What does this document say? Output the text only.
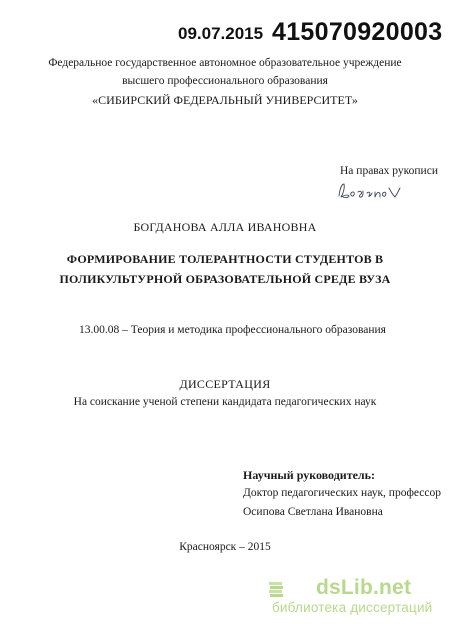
09.07.2015 415070920003
Федеральное государственное автономное образовательное учреждение
высшего профессионального образования
«СИБИРСКИЙ ФЕДЕРАЛЬНЫЙ УНИВЕРСИТЕТ»
На правах рукописи
БОГДАНОВА АЛЛА ИВАНОВНА
ФОРМИРОВАНИЕ ТОЛЕРАНТНОСТИ СТУДЕНТОВ В
ПОЛИКУЛЬТУРНОЙ ОБРАЗОВАТЕЛЬНОЙ СРЕДЕ ВУЗА
13.00.08 – Теория и методика профессионального образования
ДИССЕРТАЦИЯ
На соискание ученой степени кандидата педагогических наук
Научный руководитель:
Доктор педагогических наук, профессор
Осипова Светлана Ивановна
Красноярск – 2015
dsLib.net
библиотека диссертаций
